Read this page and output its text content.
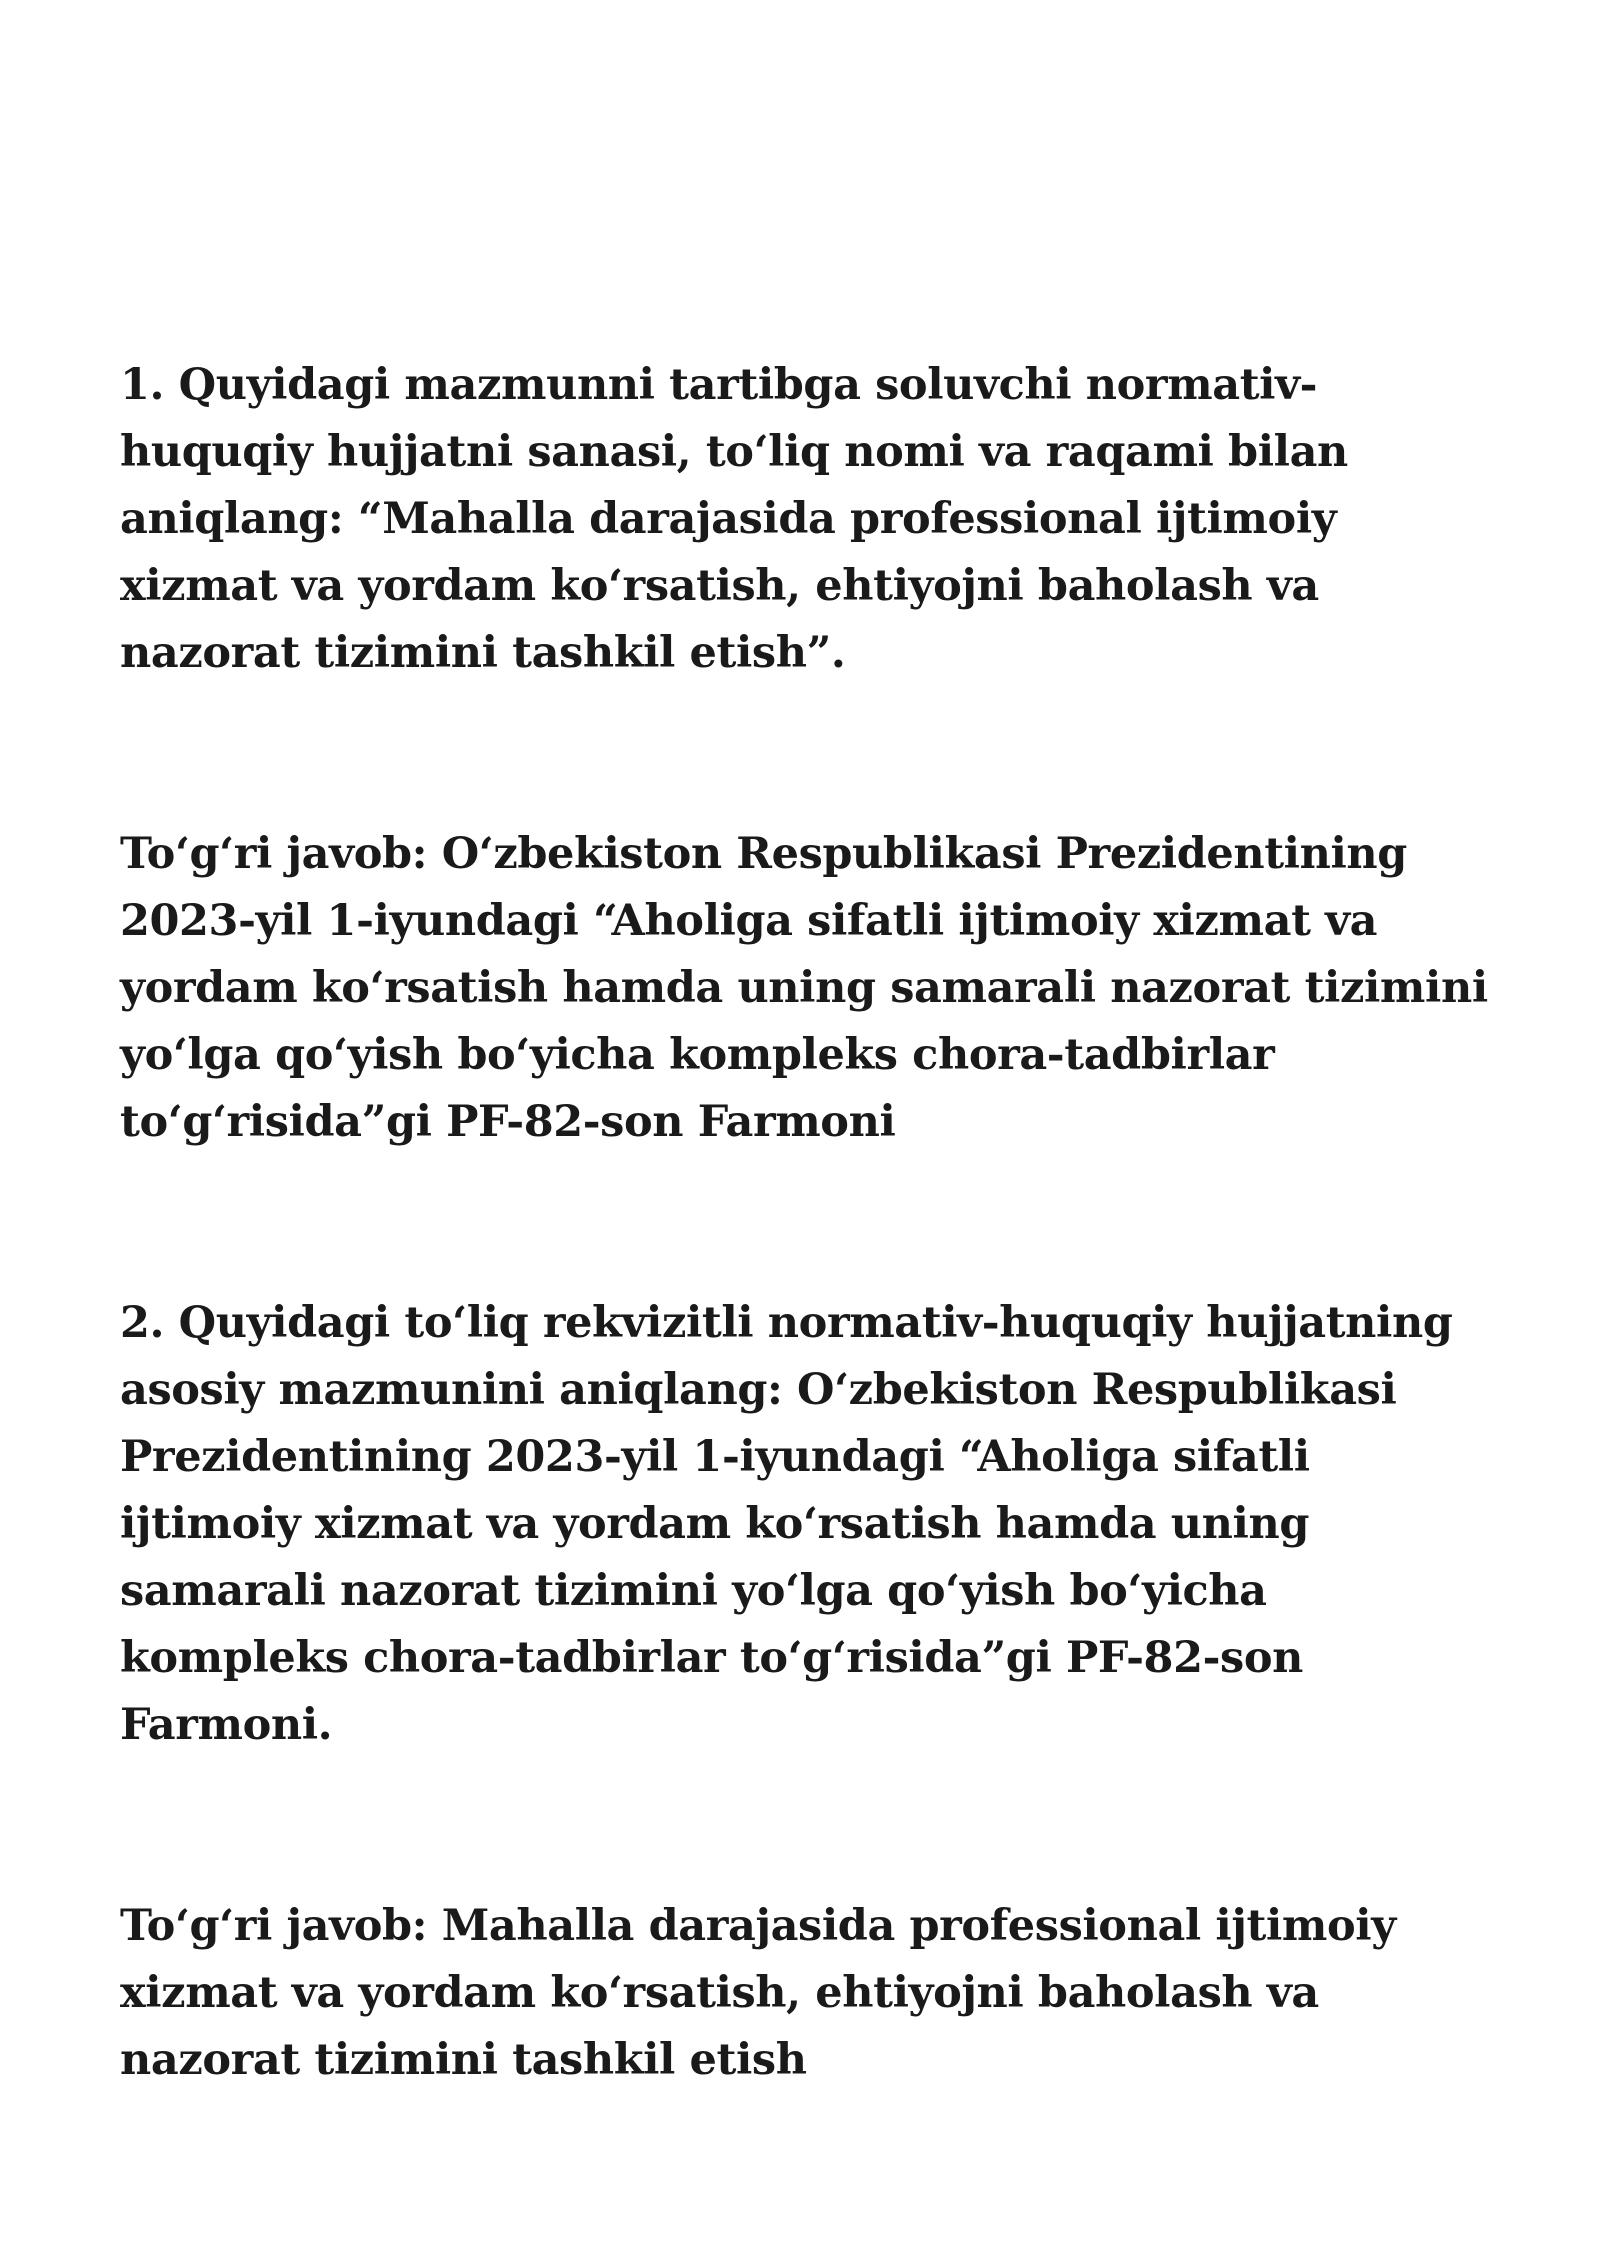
1. Quyidagi mazmunni tartibga soluvchi normativ-huquqiy hujjatni sanasi, to‘liq nomi va raqami bilan aniqlang: “Mahalla darajasida professional ijtimoiy xizmat va yordam ko‘rsatish, ehtiyojni baholash va nazorat tizimini tashkil etish”.

To‘g‘ri javob: O‘zbekiston Respublikasi Prezidentining 2023-yil 1-iyundagi “Aholiga sifatli ijtimoiy xizmat va yordam ko‘rsatish hamda uning samarali nazorat tizimini yo‘lga qo‘yish bo‘yicha kompleks chora-tadbirlar to‘g‘risida”gi PF-82-son Farmoni

2. Quyidagi to‘liq rekvizitli normativ-huquqiy hujjatning asosiy mazmunini aniqlang: O‘zbekiston Respublikasi Prezidentining 2023-yil 1-iyundagi “Aholiga sifatli ijtimoiy xizmat va yordam ko‘rsatish hamda uning samarali nazorat tizimini yo‘lga qo‘yish bo‘yicha kompleks chora-tadbirlar to‘g‘risida”gi PF-82-son Farmoni.

To‘g‘ri javob: Mahalla darajasida professional ijtimoiy xizmat va yordam ko‘rsatish, ehtiyojni baholash va nazorat tizimini tashkil etish
